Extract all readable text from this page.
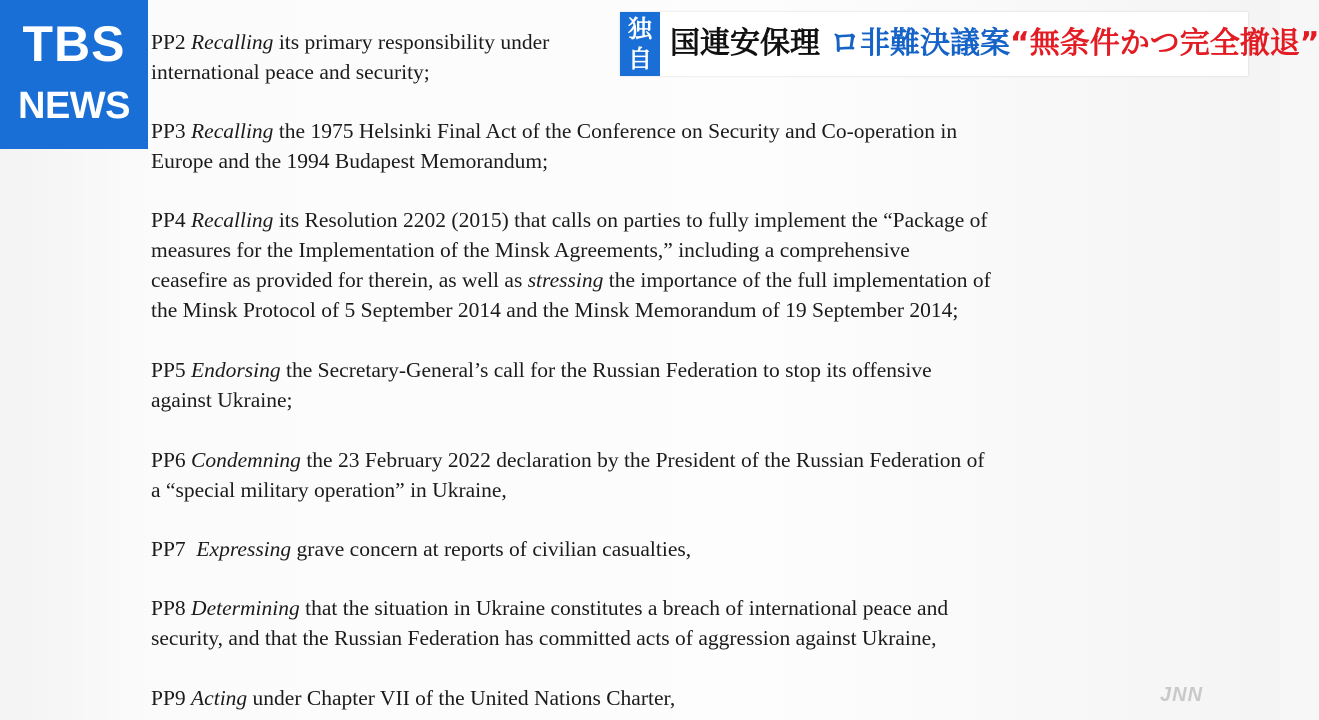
PP2 Recalling its primary responsibility under
international peace and security;
PP3 Recalling the 1975 Helsinki Final Act of the Conference on Security and Co-operation in
Europe and the 1994 Budapest Memorandum;
PP4 Recalling its Resolution 2202 (2015) that calls on parties to fully implement the “Package of
measures for the Implementation of the Minsk Agreements,” including a comprehensive
ceasefire as provided for therein, as well as stressing the importance of the full implementation of
the Minsk Protocol of 5 September 2014 and the Minsk Memorandum of 19 September 2014;
PP5 Endorsing the Secretary-General’s call for the Russian Federation to stop its offensive
against Ukraine;
PP6 Condemning the 23 February 2022 declaration by the President of the Russian Federation of
a “special military operation” in Ukraine,
PP7 Expressing grave concern at reports of civilian casualties,
PP8 Determining that the situation in Ukraine constitutes a breach of international peace and
security, and that the Russian Federation has committed acts of aggression against Ukraine,
PP9 Acting under Chapter VII of the United Nations Charter,
TBS
NEWS
独
自 国連安保理 ロ非難決議案“無条件かつ完全撤退”
JNN
